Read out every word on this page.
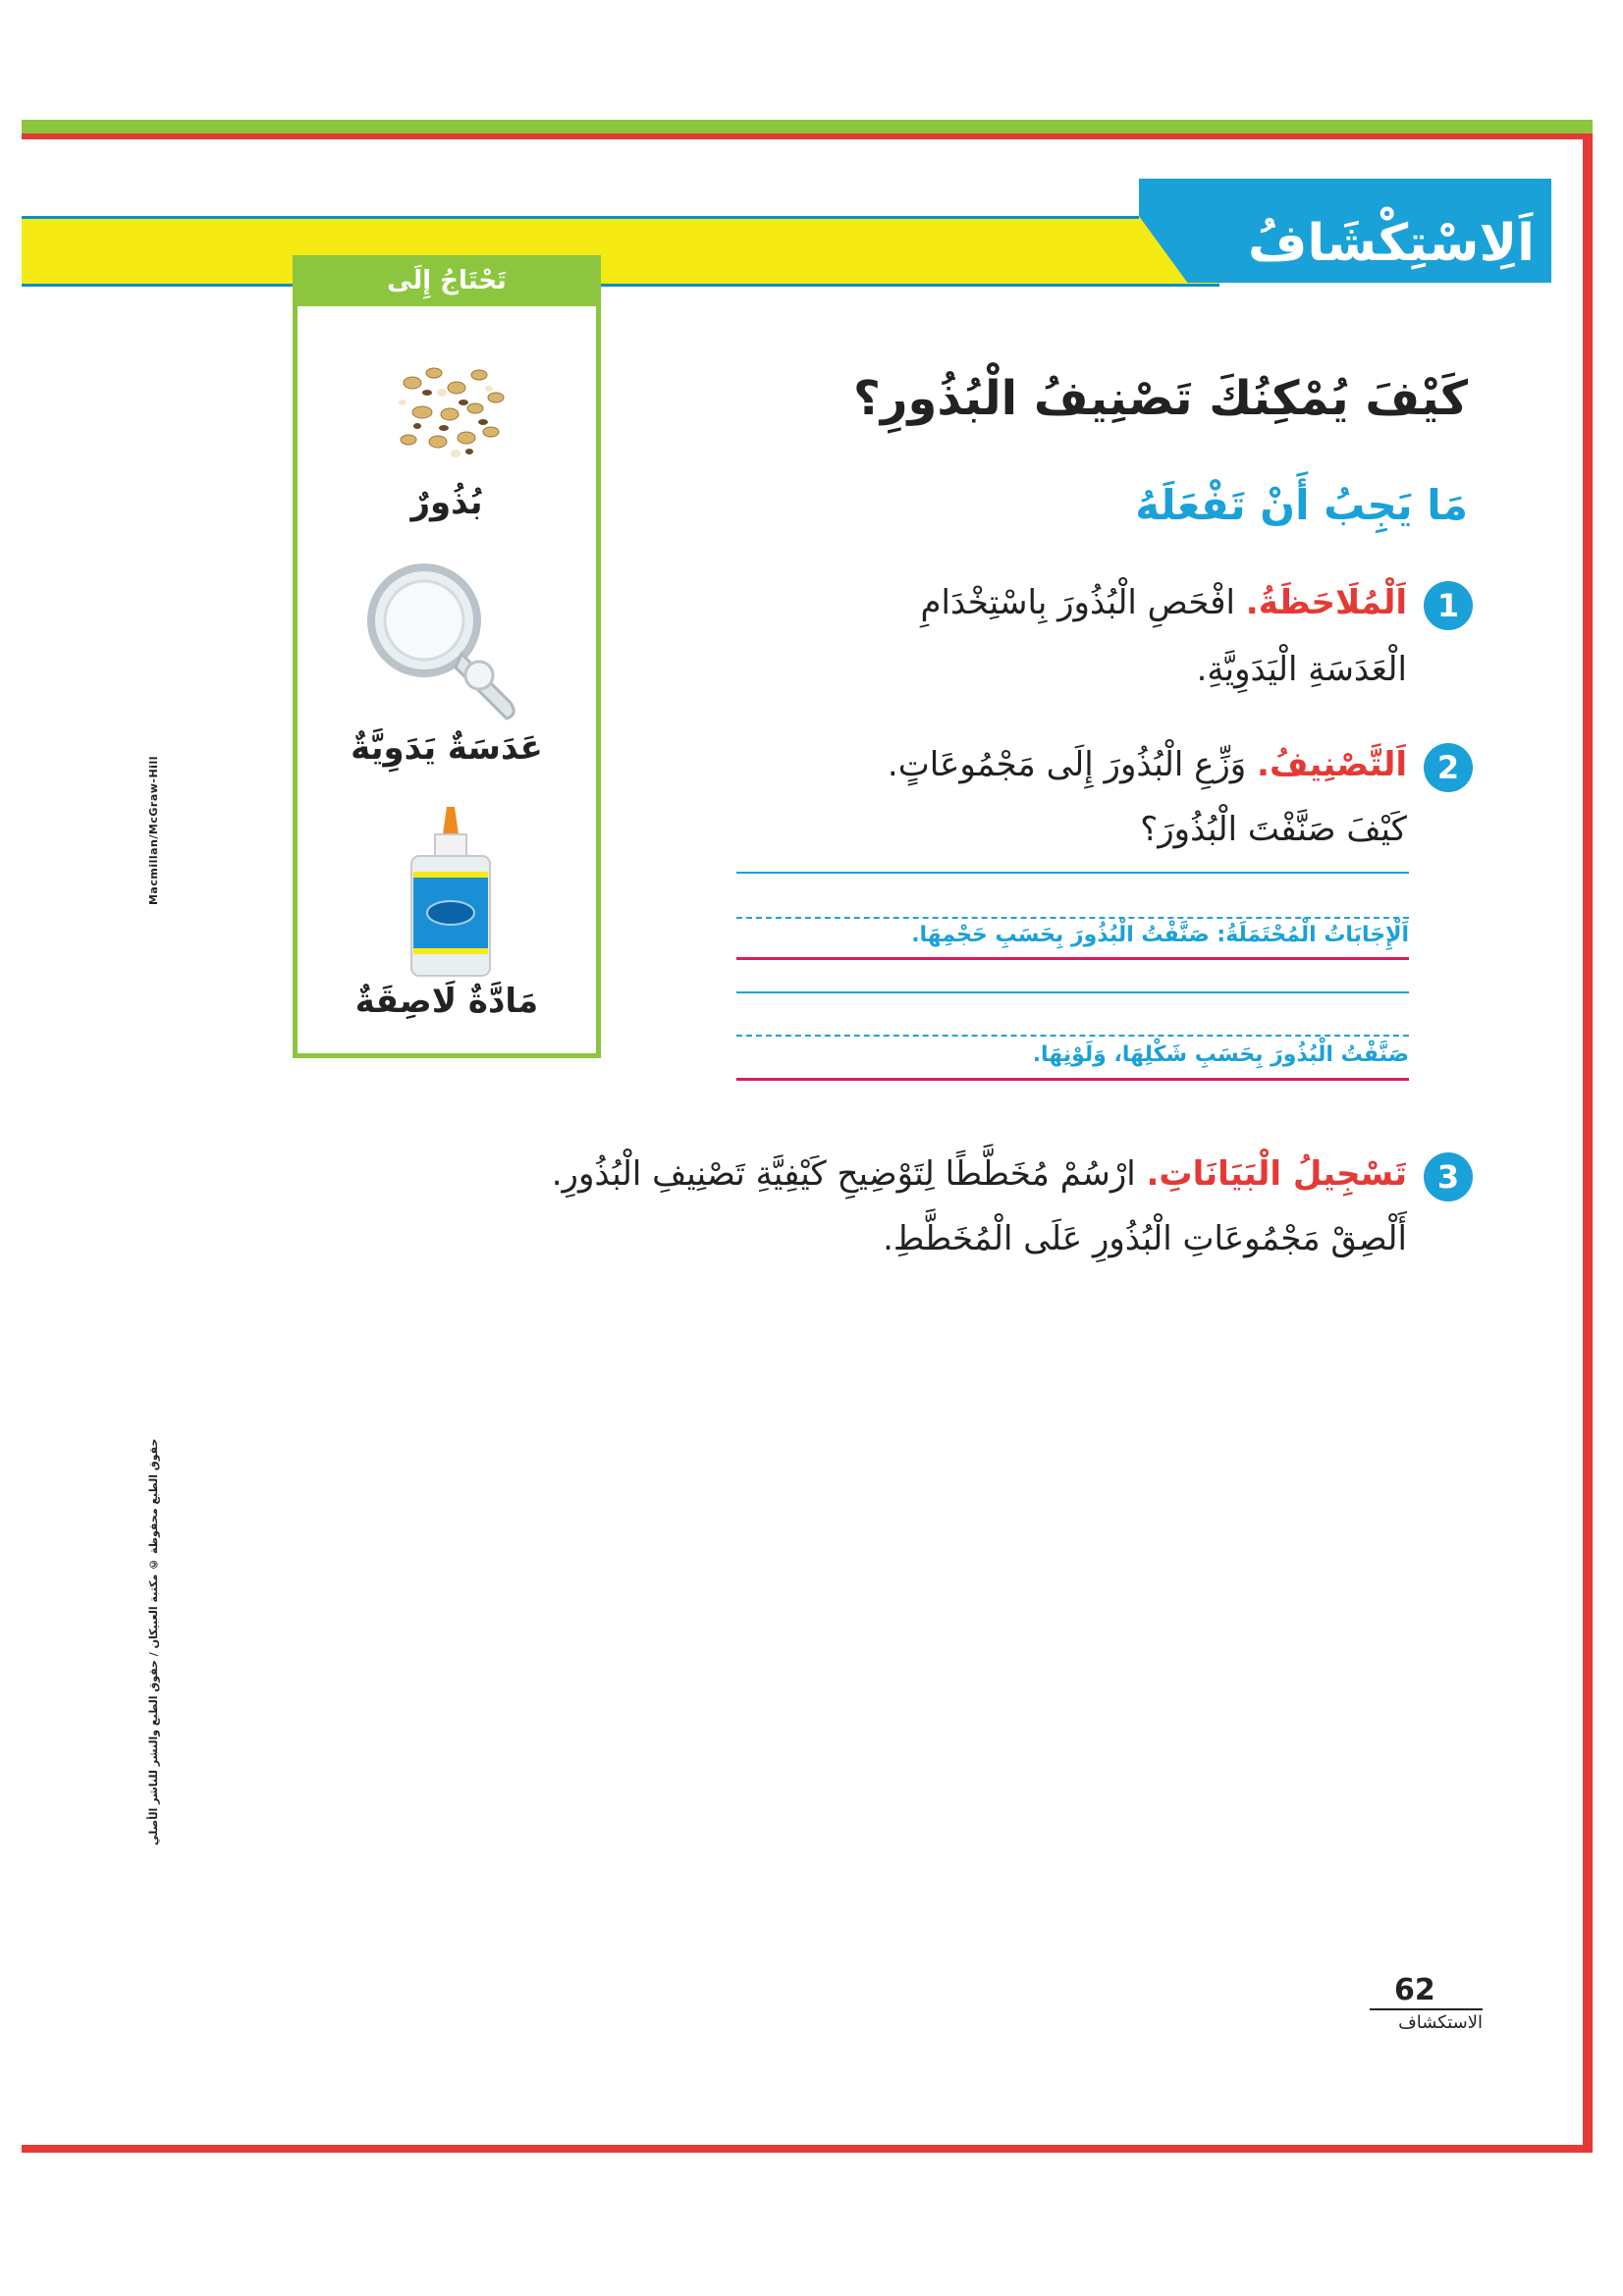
اَلِاسْتِكْشَافُ
Macmillan/McGraw-Hill
حقوق الطبع محفوظة © مكتبة العبيكان / حقوق الطبع والنشر للناشر الأصلي
تَحْتَاجُ إِلَى
بُذُورٌ
عَدَسَةٌ يَدَوِيَّةٌ
مَادَّةٌ لَاصِقَةٌ
كَيْفَ يُمْكِنُكَ تَصْنِيفُ الْبُذُورِ؟
مَا يَجِبُ أَنْ تَفْعَلَهُ
1
اَلْمُلَاحَظَةُ. افْحَصِ الْبُذُورَ بِاسْتِخْدَامِ
الْعَدَسَةِ الْيَدَوِيَّةِ.
2
اَلتَّصْنِيفُ. وَزِّعِ الْبُذُورَ إِلَى مَجْمُوعَاتٍ.
كَيْفَ صَنَّفْتَ الْبُذُورَ؟
اَلْإِجَابَاتُ الْمُحْتَمَلَةُ: صَنَّفْتُ الْبُذُورَ بِحَسَبِ حَجْمِهَا.
صَنَّفْتُ الْبُذُورَ بِحَسَبِ شَكْلِهَا، وَلَوْنِهَا.
3
تَسْجِيلُ الْبَيَانَاتِ. ارْسُمْ مُخَطَّطًا لِتَوْضِيحِ كَيْفِيَّةِ تَصْنِيفِ الْبُذُورِ.
أَلْصِقْ مَجْمُوعَاتِ الْبُذُورِ عَلَى الْمُخَطَّطِ.
62
الاستكشاف
